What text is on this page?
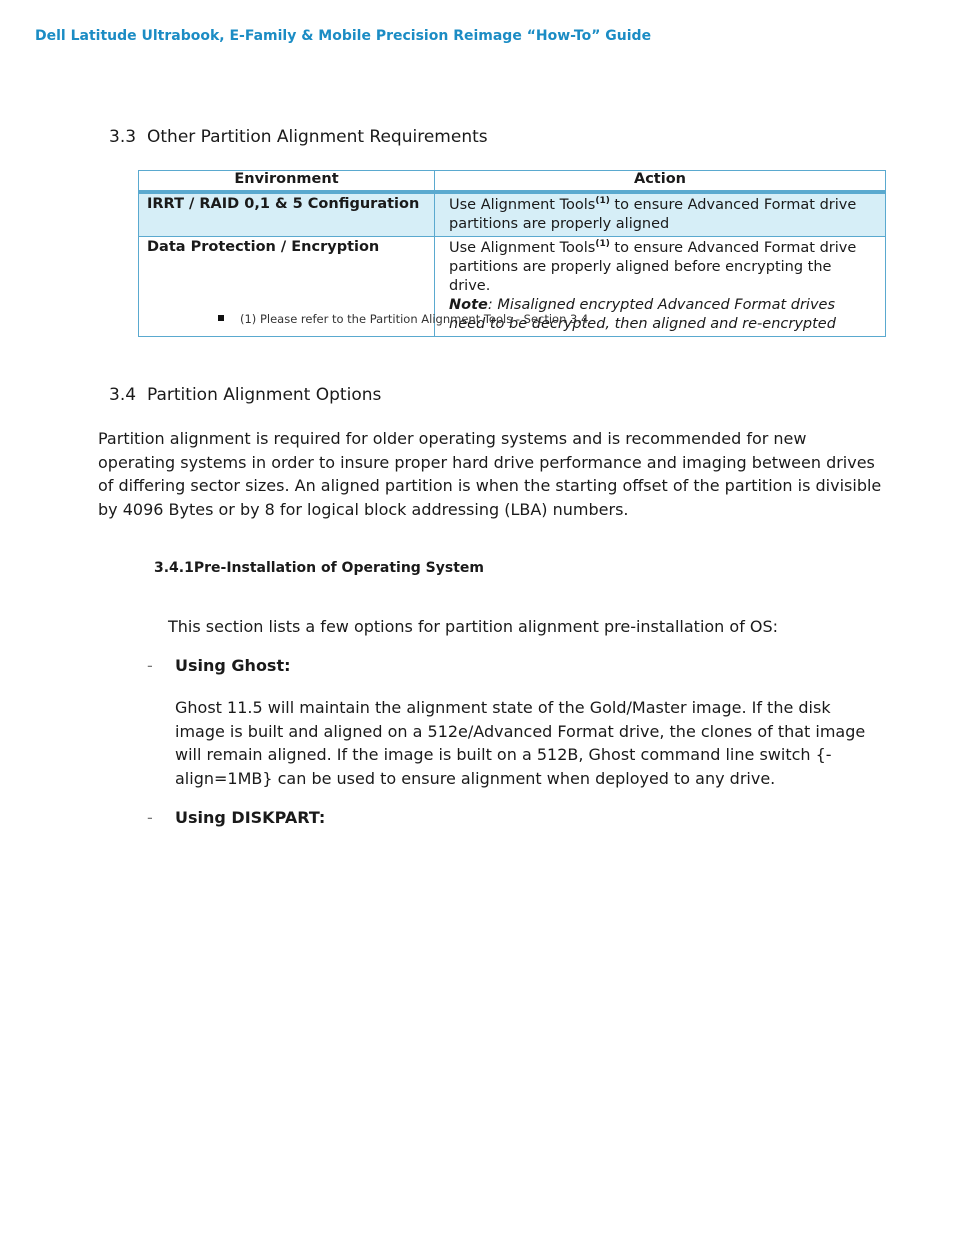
Dell Latitude Ultrabook, E-Family & Mobile Precision Reimage “How-To” Guide
3.3 Other Partition Alignment Requirements
Environment	Action
IRRT / RAID 0,1 & 5 Configuration	Use Alignment Tools$^{(1)}$ to ensure Advanced Format drive partitions are properly aligned
Data Protection / Encryption	Use Alignment Tools$^{(1)}$ to ensure Advanced Format drive partitions are properly aligned before encrypting the drive.
Note: Misaligned encrypted Advanced Format drives need to be decrypted, then aligned and re-encrypted
(1) Please refer to the Partition Alignment Tools - Section 3.4
3.4 Partition Alignment Options
Partition alignment is required for older operating systems and is recommended for new operating systems in order to insure proper hard drive performance and imaging between drives of differing sector sizes. An aligned partition is when the starting offset of the partition is divisible by 4096 Bytes or by 8 for logical block addressing (LBA) numbers.
3.4.1Pre-Installation of Operating System
This section lists a few options for partition alignment pre-installation of OS:
- Using Ghost:
Ghost 11.5 will maintain the alignment state of the Gold/Master image. If the disk image is built and aligned on a 512e/Advanced Format drive, the clones of that image will remain aligned. If the image is built on a 512B, Ghost command line switch {-align=1MB} can be used to ensure alignment when deployed to any drive.
- Using DISKPART:
